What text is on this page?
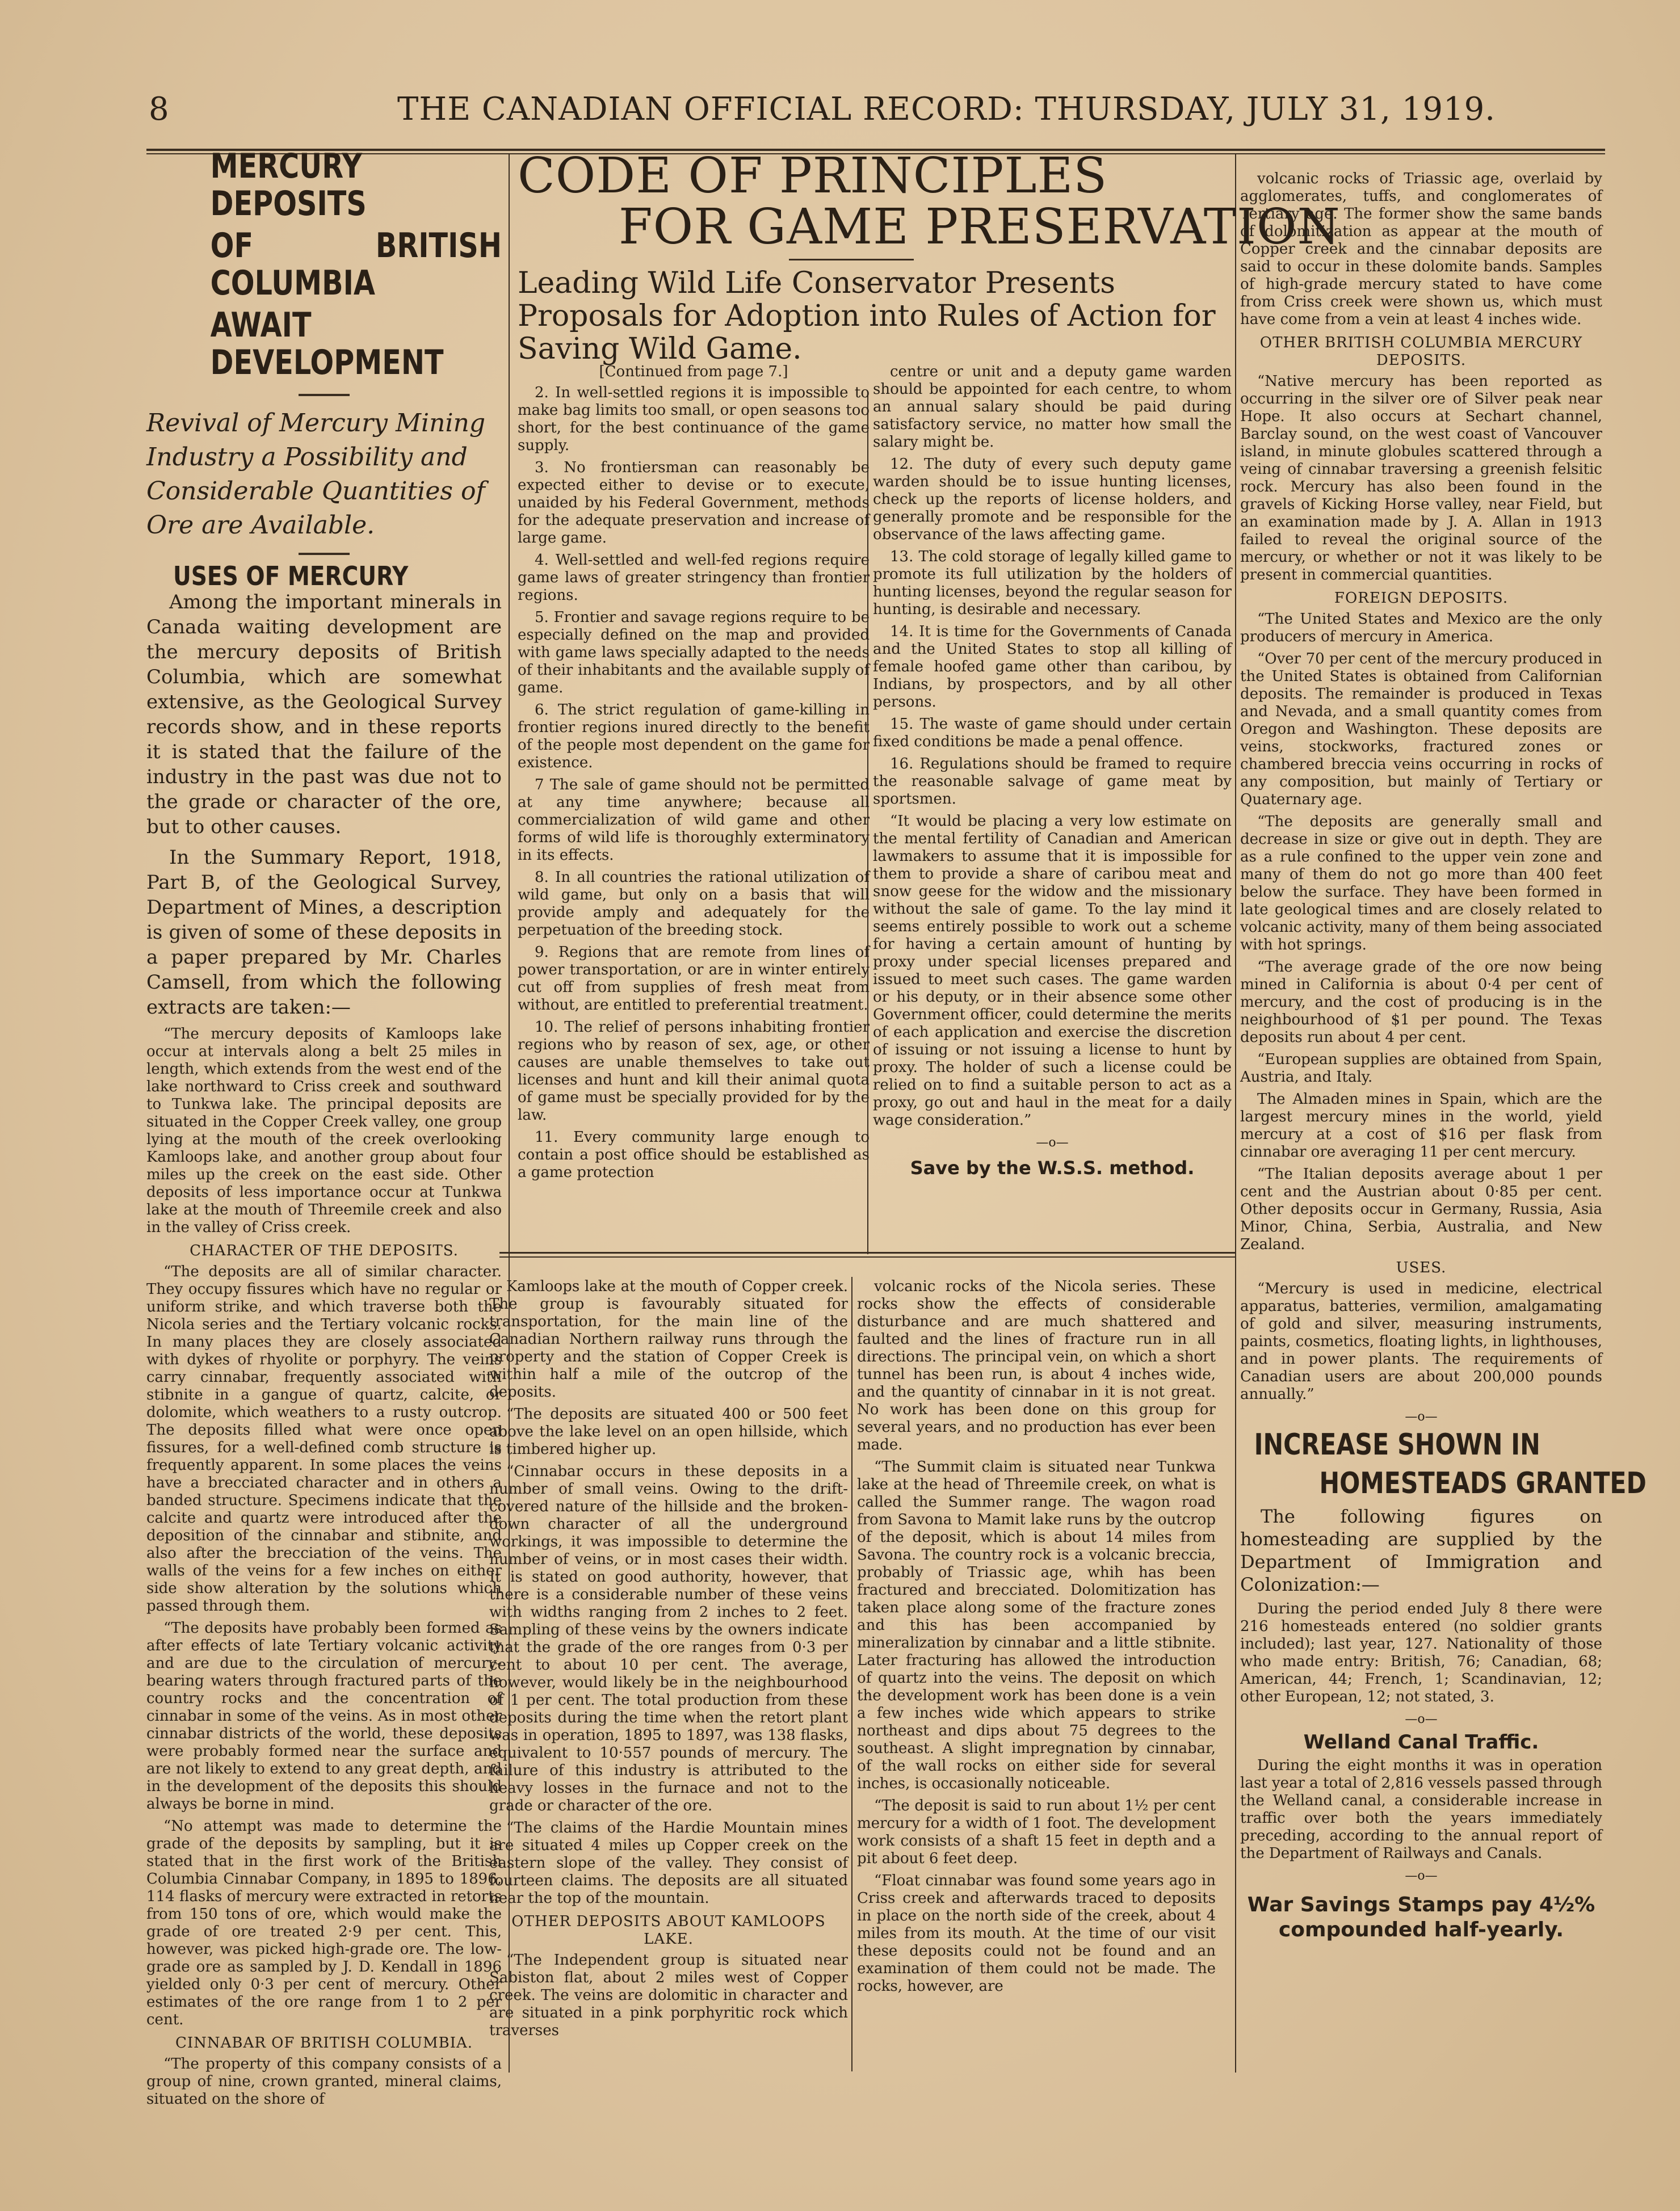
8	THE CANADIAN OFFICIAL RECORD: THURSDAY, JULY 31, 1919.

MERCURY DEPOSITS

OF BRITISH COLUMBIA

AWAIT DEVELOPMENT

Revival of Mercury Mining

Industry a Possibility and

Considerable Quantities of

Ore are Available.

USES OF MERCURY

Among the important minerals in Canada waiting development are the mercury deposits of British Columbia, which are somewhat extensive, as the Geological Survey records show, and in these reports it is stated that the failure of the industry in the past was due not to the grade or character of the ore, but to other causes.

In the Summary Report, 1918, Part B, of the Geological Survey, Department of Mines, a description is given of some of these deposits in a paper prepared by Mr. Charles Camsell, from which the following extracts are taken:—

“The mercury deposits of Kamloops lake occur at intervals along a belt 25 miles in length, which extends from the west end of the lake northward to Criss creek and southward to Tunkwa lake. The principal deposits are situated in the Copper Creek valley, one group lying at the mouth of the creek overlooking Kamloops lake, and another group about four miles up the creek on the east side. Other deposits of less importance occur at Tunkwa lake at the mouth of Threemile creek and also in the valley of Criss creek.

CHARACTER OF THE DEPOSITS.

“The deposits are all of similar character. They occupy fissures which have no regular or uniform strike, and which traverse both the Nicola series and the Tertiary volcanic rocks. In many places they are closely associated with dykes of rhyolite or porphyry. The veins carry cinnabar, frequently associated with stibnite in a gangue of quartz, calcite, or dolomite, which weathers to a rusty outcrop. The deposits filled what were once open fissures, for a well-defined comb structure is frequently apparent. In some places the veins have a brecciated character and in others a banded structure. Specimens indicate that the calcite and quartz were introduced after the deposition of the cinnabar and stibnite, and also after the brecciation of the veins. The walls of the veins for a few inches on either side show alteration by the solutions which passed through them.

“The deposits have probably been formed as after effects of late Tertiary volcanic activity and are due to the circulation of mercury-bearing waters through fractured parts of the country rocks and the concentration of cinnabar in some of the veins. As in most other cinnabar districts of the world, these deposits were probably formed near the surface and are not likely to extend to any great depth, and in the development of the deposits this should always be borne in mind.

“No attempt was made to determine the grade of the deposits by sampling, but it is stated that in the first work of the British Columbia Cinnabar Company, in 1895 to 1896, 114 flasks of mercury were extracted in retorts from 150 tons of ore, which would make the grade of ore treated 2·9 per cent. This, however, was picked high-grade ore. The low-grade ore as sampled by J. D. Kendall in 1896 yielded only 0·3 per cent of mercury. Other estimates of the ore range from 1 to 2 per cent.

CINNABAR OF BRITISH COLUMBIA.

“The property of this company consists of a group of nine, crown granted, mineral claims, situated on the shore of

CODE OF PRINCIPLES
FOR GAME PRESERVATION

Leading Wild Life Conservator Presents Proposals for Adoption into Rules of Action for Saving Wild Game.

[Continued from page 7.]

2. In well-settled regions it is impossible to make bag limits too small, or open seasons too short, for the best continuance of the game supply.

3. No frontiersman can reasonably be expected either to devise or to execute, unaided by his Federal Government, methods for the adequate preservation and increase of large game.

4. Well-settled and well-fed regions require game laws of greater stringency than frontier regions.

5. Frontier and savage regions require to be especially defined on the map and provided with game laws specially adapted to the needs of their inhabitants and the available supply of game.

6. The strict regulation of game-killing in frontier regions inured directly to the benefit of the people most dependent on the game for existence.

7 The sale of game should not be permitted at any time anywhere; because all commercialization of wild game and other forms of wild life is thoroughly exterminatory in its effects.

8. In all countries the rational utilization of wild game, but only on a basis that will provide amply and adequately for the perpetuation of the breeding stock.

9. Regions that are remote from lines of power transportation, or are in winter entirely cut off from supplies of fresh meat from without, are entitled to preferential treatment.

10. The relief of persons inhabiting frontier regions who by reason of sex, age, or other causes are unable themselves to take out licenses and hunt and kill their animal quota of game must be specially provided for by the law.

11. Every community large enough to contain a post office should be established as a game protection

centre or unit and a deputy game warden should be appointed for each centre, to whom an annual salary should be paid during satisfactory service, no matter how small the salary might be.

12. The duty of every such deputy game warden should be to issue hunting licenses, check up the reports of license holders, and generally promote and be responsible for the observance of the laws affecting game.

13. The cold storage of legally killed game to promote its full utilization by the holders of hunting licenses, beyond the regular season for hunting, is desirable and necessary.

14. It is time for the Governments of Canada and the United States to stop all killing of female hoofed game other than caribou, by Indians, by prospectors, and by all other persons.

15. The waste of game should under certain fixed conditions be made a penal offence.

16. Regulations should be framed to require the reasonable salvage of game meat by sportsmen.

“It would be placing a very low estimate on the mental fertility of Canadian and American lawmakers to assume that it is impossible for them to provide a share of caribou meat and snow geese for the widow and the missionary without the sale of game. To the lay mind it seems entirely possible to work out a scheme for having a certain amount of hunting by proxy under special licenses prepared and issued to meet such cases. The game warden or his deputy, or in their absence some other Government officer, could determine the merits of each application and exercise the discretion of issuing or not issuing a license to hunt by proxy. The holder of such a license could be relied on to find a suitable person to act as a proxy, go out and haul in the meat for a daily wage consideration.”

—o—
Save by the W.S.S. method.

Kamloops lake at the mouth of Copper creek. The group is favourably situated for transportation, for the main line of the Canadian Northern railway runs through the property and the station of Copper Creek is within half a mile of the outcrop of the deposits.

“The deposits are situated 400 or 500 feet above the lake level on an open hillside, which is timbered higher up.

“Cinnabar occurs in these deposits in a number of small veins. Owing to the drift-covered nature of the hillside and the broken-down character of all the underground workings, it was impossible to determine the number of veins, or in most cases their width. It is stated on good authority, however, that there is a considerable number of these veins with widths ranging from 2 inches to 2 feet. Sampling of these veins by the owners indicate that the grade of the ore ranges from 0·3 per cent to about 10 per cent. The average, however, would likely be in the neighbourhood of 1 per cent. The total production from these deposits during the time when the retort plant was in operation, 1895 to 1897, was 138 flasks, equivalent to 10·557 pounds of mercury. The failure of this industry is attributed to the heavy losses in the furnace and not to the grade or character of the ore.

“The claims of the Hardie Mountain mines are situated 4 miles up Copper creek on the eastern slope of the valley. They consist of fourteen claims. The deposits are all situated near the top of the mountain.

OTHER DEPOSITS ABOUT KAMLOOPS LAKE.

“The Independent group is situated near Sabiston flat, about 2 miles west of Copper creek. The veins are dolomitic in character and are situated in a pink porphyritic rock which traverses

volcanic rocks of the Nicola series. These rocks show the effects of considerable disturbance and are much shattered and faulted and the lines of fracture run in all directions. The principal vein, on which a short tunnel has been run, is about 4 inches wide, and the quantity of cinnabar in it is not great. No work has been done on this group for several years, and no production has ever been made.

“The Summit claim is situated near Tunkwa lake at the head of Threemile creek, on what is called the Summer range. The wagon road from Savona to Mamit lake runs by the outcrop of the deposit, which is about 14 miles from Savona. The country rock is a volcanic breccia, probably of Triassic age, whih has been fractured and brecciated. Dolomitization has taken place along some of the fracture zones and this has been accompanied by mineralization by cinnabar and a little stibnite. Later fracturing has allowed the introduction of quartz into the veins. The deposit on which the development work has been done is a vein a few inches wide which appears to strike northeast and dips about 75 degrees to the southeast. A slight impregnation by cinnabar, of the wall rocks on either side for several inches, is occasionally noticeable.

“The deposit is said to run about 1½ per cent mercury for a width of 1 foot. The development work consists of a shaft 15 feet in depth and a pit about 6 feet deep.

“Float cinnabar was found some years ago in Criss creek and afterwards traced to deposits in place on the north side of the creek, about 4 miles from its mouth. At the time of our visit these deposits could not be found and an examination of them could not be made. The rocks, however, are

volcanic rocks of Triassic age, overlaid by agglomerates, tuffs, and conglomerates of Tertiary age. The former show the same bands of dolomitization as appear at the mouth of Copper creek and the cinnabar deposits are said to occur in these dolomite bands. Samples of high-grade mercury stated to have come from Criss creek were shown us, which must have come from a vein at least 4 inches wide.

OTHER BRITISH COLUMBIA MERCURY DEPOSITS.

“Native mercury has been reported as occurring in the silver ore of Silver peak near Hope. It also occurs at Sechart channel, Barclay sound, on the west coast of Vancouver island, in minute globules scattered through a veing of cinnabar traversing a greenish felsitic rock. Mercury has also been found in the gravels of Kicking Horse valley, near Field, but an examination made by J. A. Allan in 1913 failed to reveal the original source of the mercury, or whether or not it was likely to be present in commercial quantities.

FOREIGN DEPOSITS.

“The United States and Mexico are the only producers of mercury in America.

“Over 70 per cent of the mercury produced in the United States is obtained from Californian deposits. The remainder is produced in Texas and Nevada, and a small quantity comes from Oregon and Washington. These deposits are veins, stockworks, fractured zones or chambered breccia veins occurring in rocks of any composition, but mainly of Tertiary or Quaternary age.

“The deposits are generally small and decrease in size or give out in depth. They are as a rule confined to the upper vein zone and many of them do not go more than 400 feet below the surface. They have been formed in late geological times and are closely related to volcanic activity, many of them being associated with hot springs.

“The average grade of the ore now being mined in California is about 0·4 per cent of mercury, and the cost of producing is in the neighbourhood of $1 per pound. The Texas deposits run about 4 per cent.

“European supplies are obtained from Spain, Austria, and Italy.

The Almaden mines in Spain, which are the largest mercury mines in the world, yield mercury at a cost of $16 per flask from cinnabar ore averaging 11 per cent mercury.

“The Italian deposits average about 1 per cent and the Austrian about 0·85 per cent. Other deposits occur in Germany, Russia, Asia Minor, China, Serbia, Australia, and New Zealand.

USES.

“Mercury is used in medicine, electrical apparatus, batteries, vermilion, amalgamating of gold and silver, measuring instruments, paints, cosmetics, floating lights, in lighthouses, and in power plants. The requirements of Canadian users are about 200,000 pounds annually.”

—o—

INCREASE SHOWN IN

HOMESTEADS GRANTED

The following figures on homesteading are supplied by the Department of Immigration and Colonization:—

During the period ended July 8 there were 216 homesteads entered (no soldier grants included); last year, 127. Nationality of those who made entry: British, 76; Canadian, 68; American, 44; French, 1; Scandinavian, 12; other European, 12; not stated, 3.

—o—
Welland Canal Traffic.

During the eight months it was in operation last year a total of 2,816 vessels passed through the Welland canal, a considerable increase in traffic over both the years immediately preceding, according to the annual report of the Department of Railways and Canals.

—o—
War Savings Stamps pay 4½% compounded half-yearly.
